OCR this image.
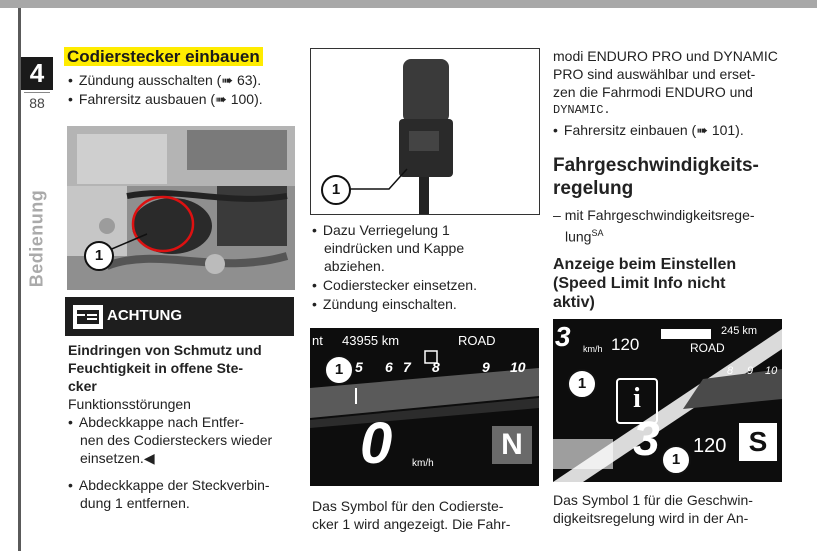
4
88
Bedienung
Codierstecker einbauen
• Zündung ausschalten (➠ 63).
• Fahrersitz ausbauen (➠ 100).
1
ACHTUNG
Eindringen von Schmutz und
Feuchtigkeit in offene Ste-
cker
Funktionsstörungen
• Abdeckkappe nach Entfer-
nen des Codiersteckers wieder
einsetzen.◀
• Abdeckkappe der Steckverbin-
dung 1 entfernen.
1
• Dazu Verriegelung 1
eindrücken und Kappe
abziehen.
• Codierstecker einsetzen.
• Zündung einschalten.
nt 43955 km	ROAD
5 6 7 8	9 10
0 km/h
N
1
Das Symbol für den Codierste-
cker 1 wird angezeigt. Die Fahr-
modi ENDURO PRO und DYNAMIC
PRO sind auswählbar und erset-
zen die Fahrmodi ENDURO und
DYNAMIC.
• Fahrersitz einbauen (➠ 101).
Fahrgeschwindigkeits-
regelung
– mit Fahrgeschwindigkeitsrege-
lung$^{SA}$
Anzeige beim Einstellen
(Speed Limit Info nicht
aktiv)
3 km/h 120
245 km
ROAD
8 9 10
i
3 120 S
1
1
Das Symbol 1 für die Geschwin-
digkeitsregelung wird in der An-
